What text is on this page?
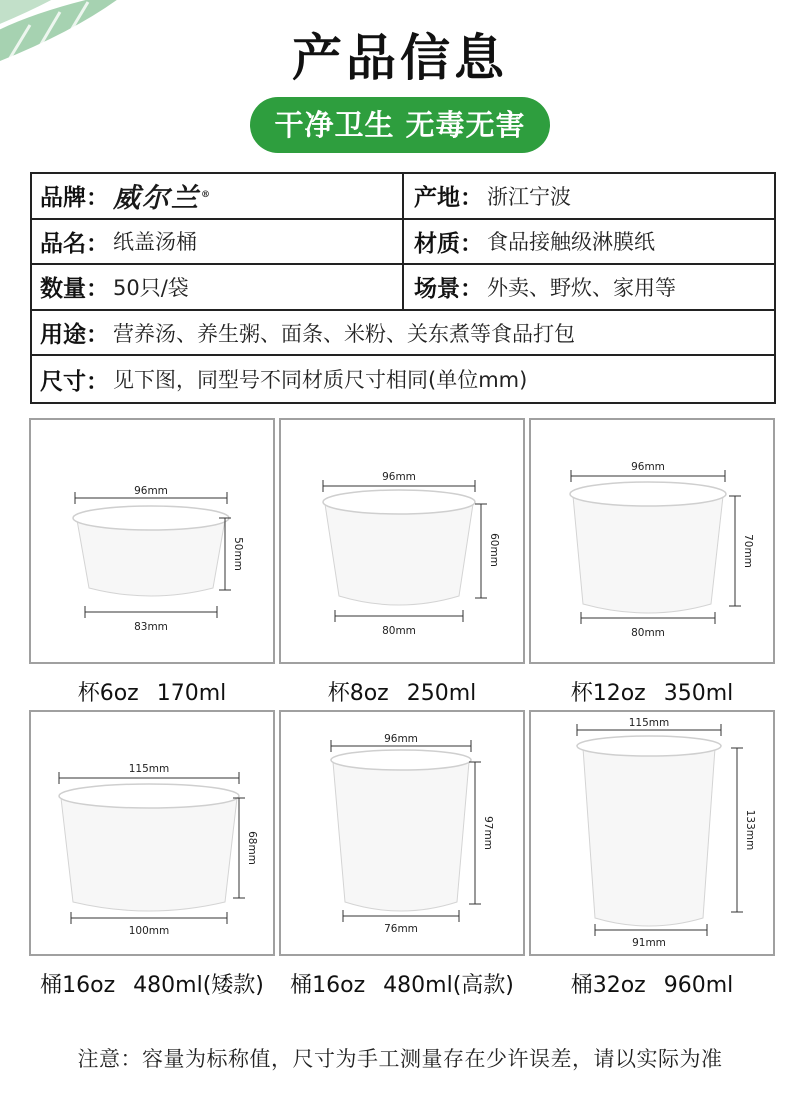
产品信息
干净卫生 无毒无害
品牌： 威尔兰®	产地： 浙江宁波
品名： 纸盖汤桶	材质： 食品接触级淋膜纸
数量： 50只/袋	场景： 外卖、野炊、家用等
用途： 营养汤、养生粥、面条、米粉、关东煮等食品打包
尺寸： 见下图，同型号不同材质尺寸相同(单位mm)
96mm
83mm
50mm
96mm
80mm
60mm
96mm
80mm
70mm
杯6oz 170ml	杯8oz 250ml	杯12oz 350ml
115mm
100mm
68mm
96mm
76mm
97mm
115mm
91mm
133mm
桶16oz 480ml(矮款)	桶16oz 480ml(高款)	桶32oz 960ml
注意：容量为标称值，尺寸为手工测量存在少许误差，请以实际为准
